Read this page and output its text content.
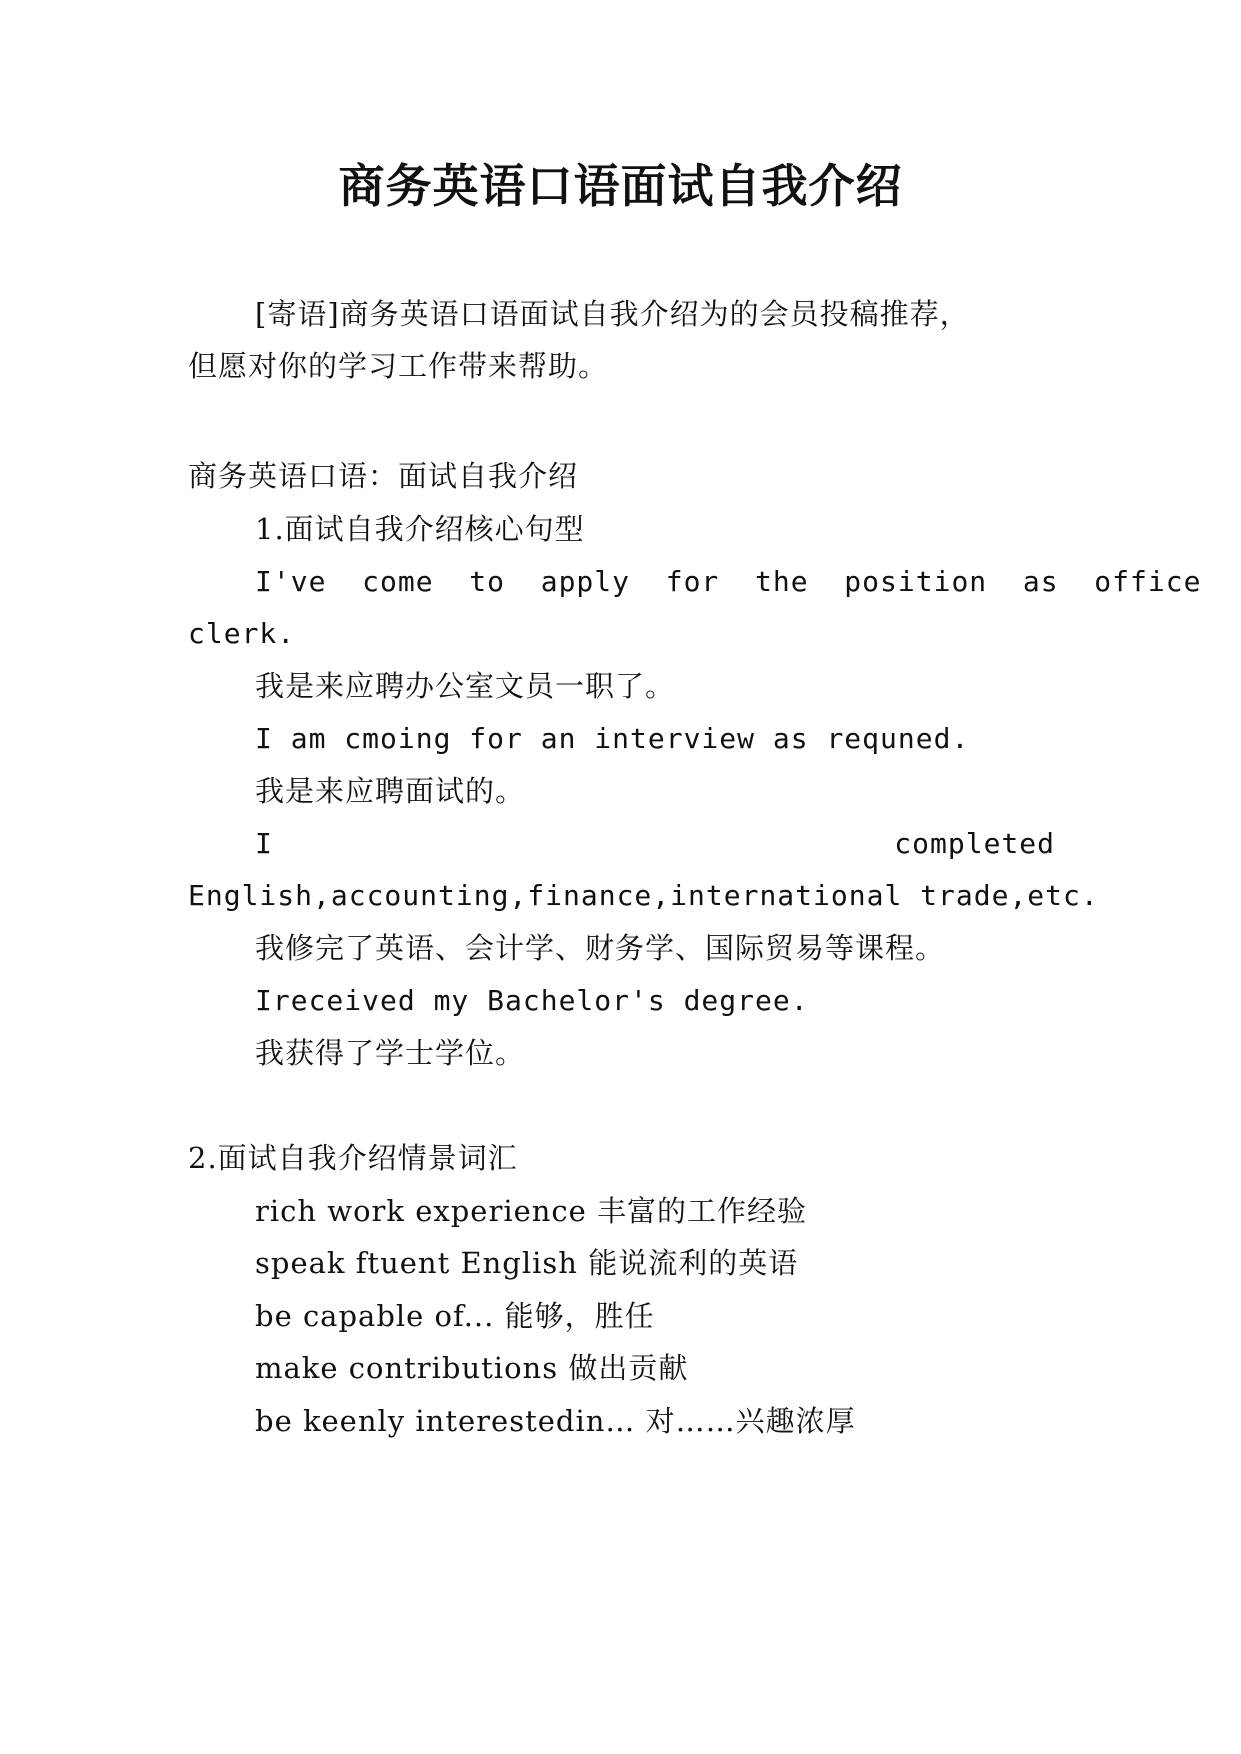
商务英语口语面试自我介绍
[寄语]商务英语口语面试自我介绍为的会员投稿推荐，
但愿对你的学习工作带来帮助。
商务英语口语：面试自我介绍
1.面试自我介绍核心句型
I've  come  to  apply  for  the  position  as  office
clerk.
我是来应聘办公室文员一职了。
I am cmoing for an interview as requned.
我是来应聘面试的。
I	completed
English,accounting,finance,international trade,etc.
我修完了英语、会计学、财务学、国际贸易等课程。
Ireceived my Bachelor's degree.
我获得了学士学位。
2.面试自我介绍情景词汇
rich work experience 丰富的工作经验
speak ftuent English 能说流利的英语
be capable of... 能够，胜任
make contributions 做出贡献
be keenly interestedin… 对……兴趣浓厚
